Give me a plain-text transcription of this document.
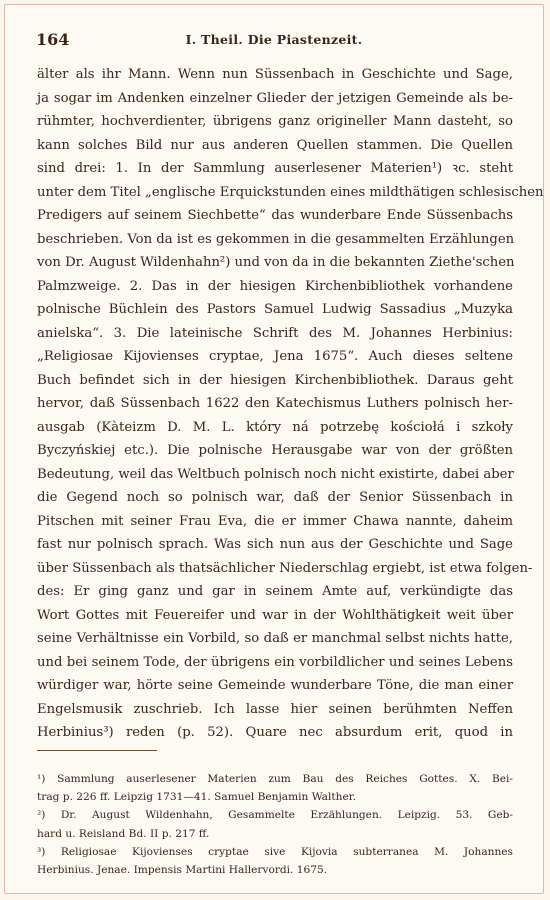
164	I. Theil. Die Piastenzeit.
älter als ihr Mann. Wenn nun Süssenbach in Geschichte und Sage,
ja sogar im Andenken einzelner Glieder der jetzigen Gemeinde als be-
rühmter, hochverdienter, übrigens ganz origineller Mann dasteht, so
kann solches Bild nur aus anderen Quellen stammen. Die Quellen
sind drei: 1. In der Sammlung auserlesener Materien¹) ꝛc. steht
unter dem Titel „englische Erquickstunden eines mildthätigen schlesischen
Predigers auf seinem Siechbette“ das wunderbare Ende Süssenbachs
beschrieben. Von da ist es gekommen in die gesammelten Erzählungen
von Dr. August Wildenhahn²) und von da in die bekannten Ziethe'schen
Palmzweige. 2. Das in der hiesigen Kirchenbibliothek vorhandene
polnische Büchlein des Pastors Samuel Ludwig Sassadius „Muzyka
anielska“. 3. Die lateinische Schrift des M. Johannes Herbinius:
„Religiosae Kijovienses cryptae, Jena 1675“. Auch dieses seltene
Buch befindet sich in der hiesigen Kirchenbibliothek. Daraus geht
hervor, daß Süssenbach 1622 den Katechismus Luthers polnisch her-
ausgab (Kàteizm D. M. L. który ná potrzebę kościołá i szkoły
Byczyńskiej etc.). Die polnische Herausgabe war von der größten
Bedeutung, weil das Weltbuch polnisch noch nicht existirte, dabei aber
die Gegend noch so polnisch war, daß der Senior Süssenbach in
Pitschen mit seiner Frau Eva, die er immer Chawa nannte, daheim
fast nur polnisch sprach. Was sich nun aus der Geschichte und Sage
über Süssenbach als thatsächlicher Niederschlag ergiebt, ist etwa folgen-
des: Er ging ganz und gar in seinem Amte auf, verkündigte das
Wort Gottes mit Feuereifer und war in der Wohlthätigkeit weit über
seine Verhältnisse ein Vorbild, so daß er manchmal selbst nichts hatte,
und bei seinem Tode, der übrigens ein vorbildlicher und seines Lebens
würdiger war, hörte seine Gemeinde wunderbare Töne, die man einer
Engelsmusik zuschrieb. Ich lasse hier seinen berühmten Neffen
Herbinius³) reden (p. 52). Quare nec absurdum erit, quod in
¹) Sammlung auserlesener Materien zum Bau des Reiches Gottes. X. Bei-
trag p. 226 ff. Leipzig 1731—41. Samuel Benjamin Walther.
²) Dr. August Wildenhahn, Gesammelte Erzählungen. Leipzig. 53. Geb-
hard u. Reisland Bd. II p. 217 ff.
³) Religiosae Kijovienses cryptae sive Kijovia subterranea M. Johannes
Herbinius. Jenae. Impensis Martini Hallervordi. 1675.
